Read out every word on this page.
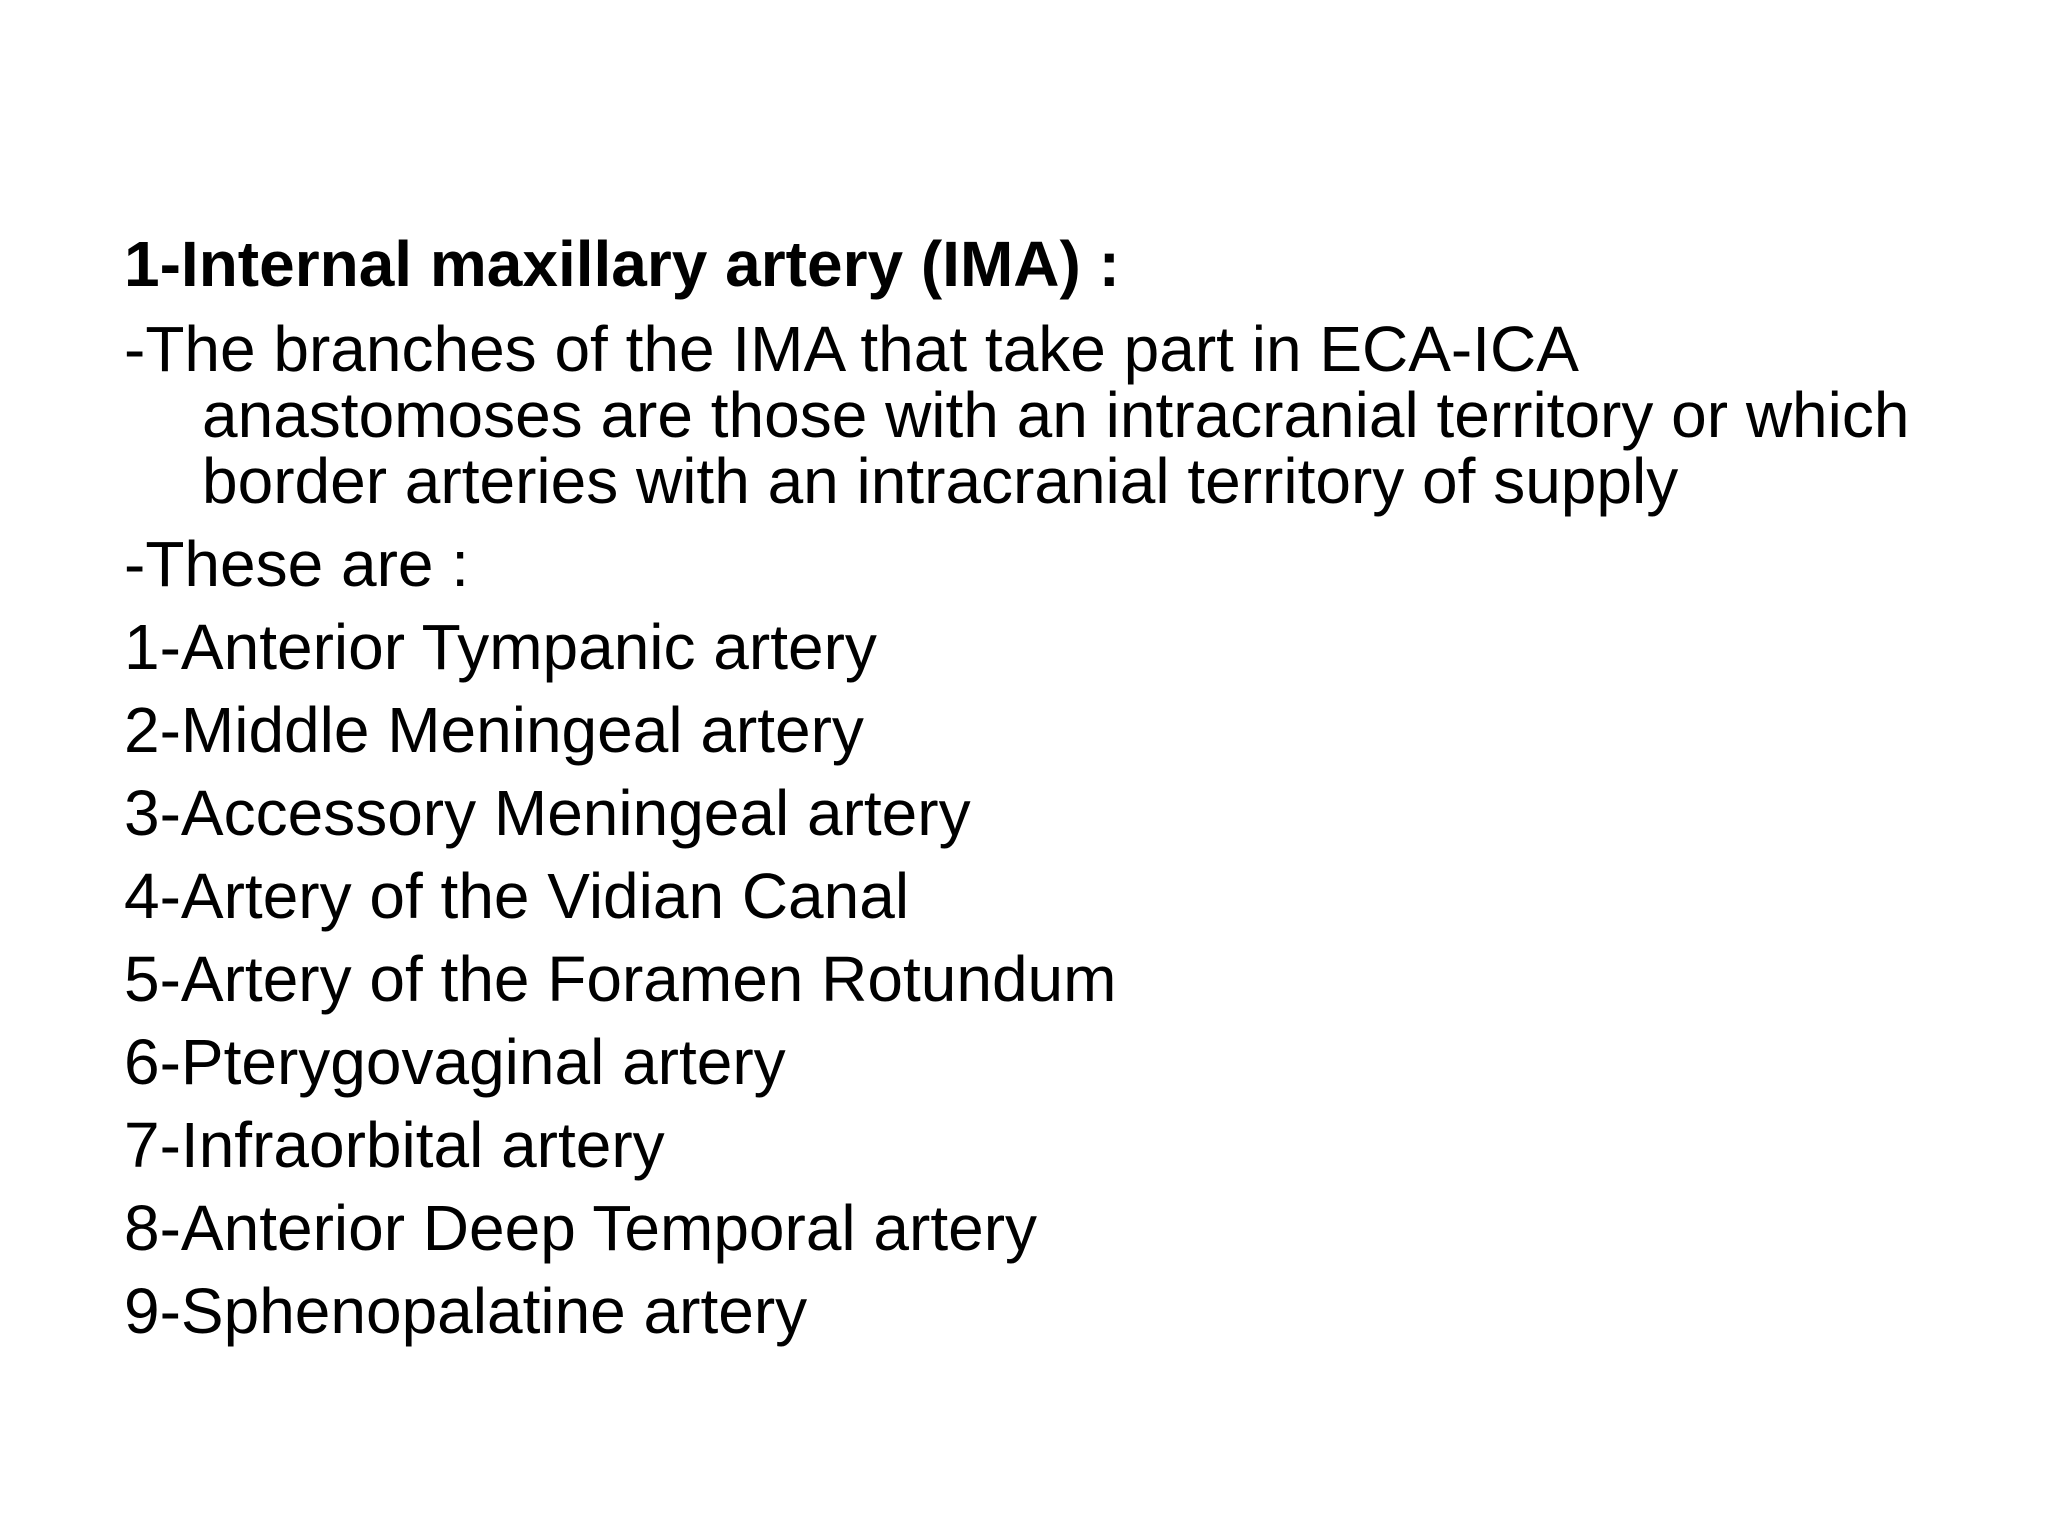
1-Internal maxillary artery (IMA) :

-The branches of the IMA that take part in ECA-ICA anastomoses are those with an intracranial territory or which border arteries with an intracranial territory of supply

-These are :

1-Anterior Tympanic artery
2-Middle Meningeal artery
3-Accessory Meningeal artery
4-Artery of the Vidian Canal
5-Artery of the Foramen Rotundum
6-Pterygovaginal artery
7-Infraorbital artery
8-Anterior Deep Temporal artery
9-Sphenopalatine artery
